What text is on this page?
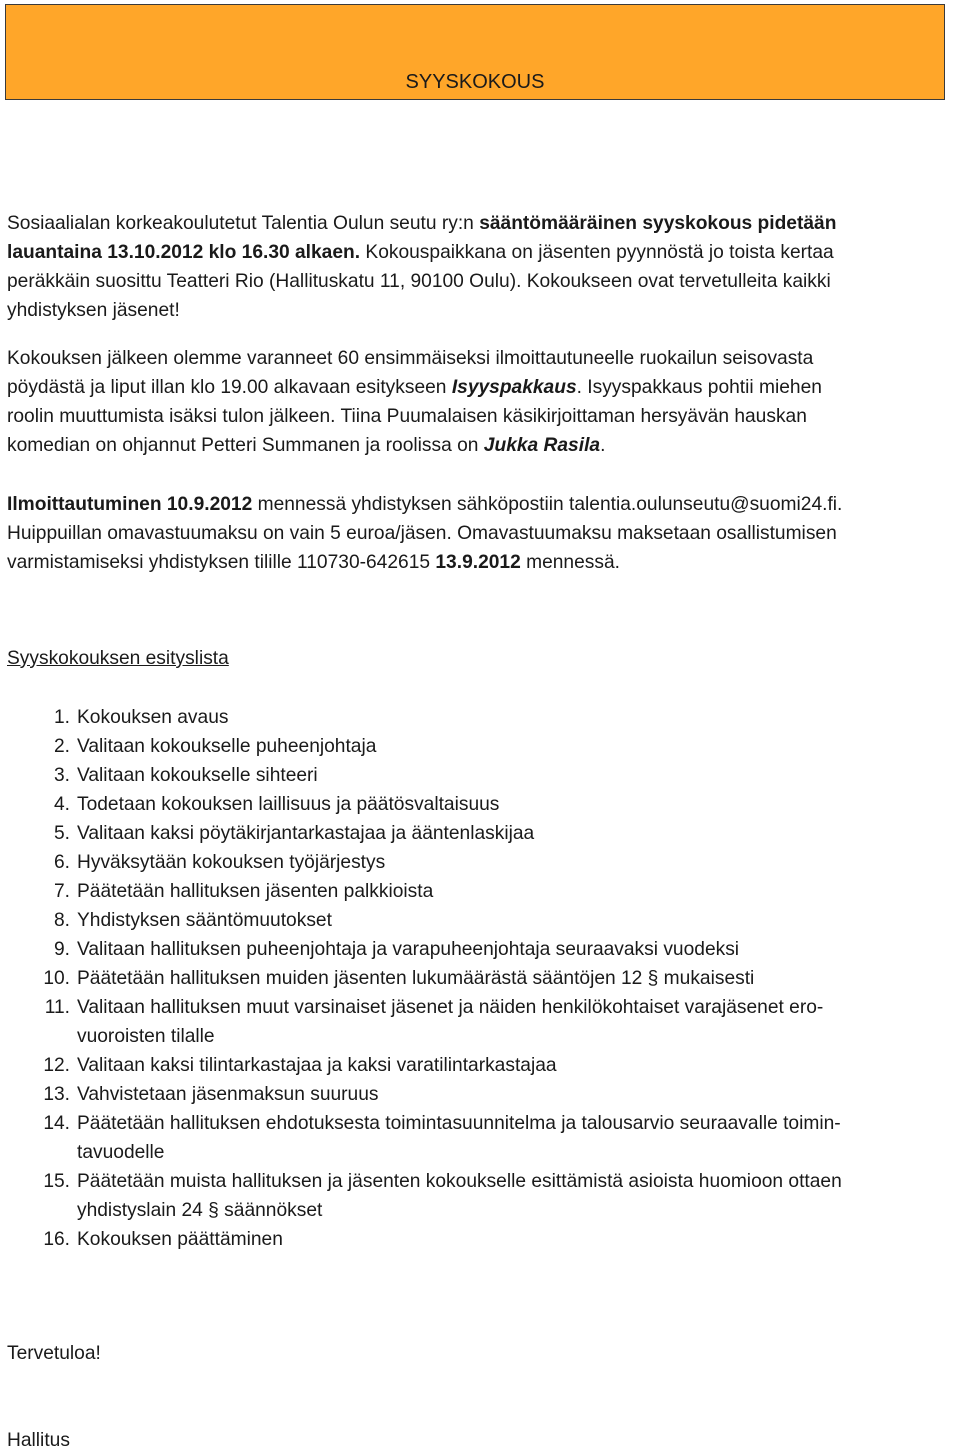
SYYSKOKOUS
Sosiaalialan korkeakoulutetut Talentia Oulun seutu ry:n sääntömääräinen syyskokous pidetään
lauantaina 13.10.2012 klo 16.30 alkaen. Kokouspaikkana on jäsenten pyynnöstä jo toista kertaa
peräkkäin suosittu Teatteri Rio (Hallituskatu 11, 90100 Oulu). Kokoukseen ovat tervetulleita kaikki
yhdistyksen jäsenet!
Kokouksen jälkeen olemme varanneet 60 ensimmäiseksi ilmoittautuneelle ruokailun seisovasta
pöydästä ja liput illan klo 19.00 alkavaan esitykseen Isyyspakkaus. Isyyspakkaus pohtii miehen
roolin muuttumista isäksi tulon jälkeen. Tiina Puumalaisen käsikirjoittaman hersyävän hauskan
komedian on ohjannut Petteri Summanen ja roolissa on Jukka Rasila.
Ilmoittautuminen 10.9.2012 mennessä yhdistyksen sähköpostiin talentia.oulunseutu@suomi24.fi.
Huippuillan omavastuumaksu on vain 5 euroa/jäsen. Omavastuumaksu maksetaan osallistumisen
varmistamiseksi yhdistyksen tilille 110730-642615 13.9.2012 mennessä.
Syyskokouksen esityslista
1. Kokouksen avaus
2. Valitaan kokoukselle puheenjohtaja
3. Valitaan kokoukselle sihteeri
4. Todetaan kokouksen laillisuus ja päätösvaltaisuus
5. Valitaan kaksi pöytäkirjantarkastajaa ja ääntenlaskijaa
6. Hyväksytään kokouksen työjärjestys
7. Päätetään hallituksen jäsenten palkkioista
8. Yhdistyksen sääntömuutokset
9. Valitaan hallituksen puheenjohtaja ja varapuheenjohtaja seuraavaksi vuodeksi
10. Päätetään hallituksen muiden jäsenten lukumäärästä sääntöjen 12 § mukaisesti
11. Valitaan hallituksen muut varsinaiset jäsenet ja näiden henkilökohtaiset varajäsenet ero-
vuoroisten tilalle
12. Valitaan kaksi tilintarkastajaa ja kaksi varatilintarkastajaa
13. Vahvistetaan jäsenmaksun suuruus
14. Päätetään hallituksen ehdotuksesta toimintasuunnitelma ja talousarvio seuraavalle toimin-
tavuodelle
15. Päätetään muista hallituksen ja jäsenten kokoukselle esittämistä asioista huomioon ottaen
yhdistyslain 24 § säännökset
16. Kokouksen päättäminen
Tervetuloa!
Hallitus
